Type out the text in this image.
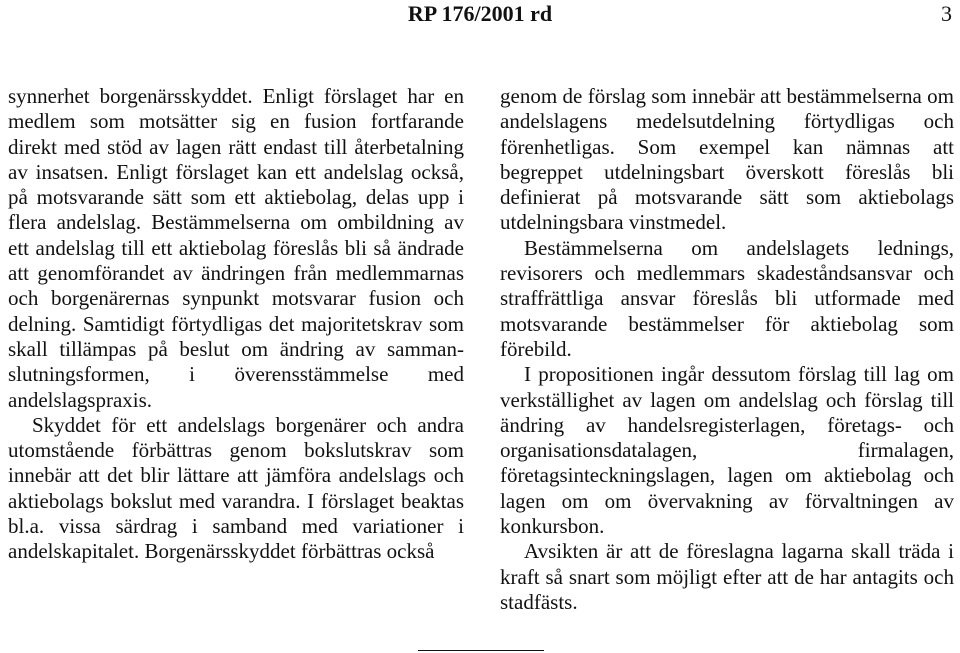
RP 176/2001 rd	3

synnerhet borgenärsskyddet. Enligt förslaget har en medlem som motsätter sig en fusion fortfarande direkt med stöd av lagen rätt endast till återbetalning av insatsen. Enligt förslaget kan ett andelslag också, på motsvarande sätt som ett aktiebolag, delas upp i flera andelslag. Bestämmelserna om ombildning av ett andelslag till ett aktiebolag föreslås bli så ändrade att genomförandet av ändringen från medlemmarnas och borgenärernas synpunkt motsvarar fusion och delning. Samtidigt förtydligas det majoritetskrav som skall tillämpas på beslut om ändring av sammanslutningsformen, i överensstämmelse med andelslagspraxis.

Skyddet för ett andelslags borgenärer och andra utomstående förbättras genom bokslutskrav som innebär att det blir lättare att jämföra andelslags och aktiebolags bokslut med varandra. I förslaget beaktas bl.a. vissa särdrag i samband med variationer i andelskapitalet. Borgenärsskyddet förbättras också

genom de förslag som innebär att bestämmelserna om andelslagens medelsutdelning förtydligas och förenhetligas. Som exempel kan nämnas att begreppet utdelningsbart överskott föreslås bli definierat på motsvarande sätt som aktiebolags utdelningsbara vinstmedel.

Bestämmelserna om andelslagets lednings, revisorers och medlemmars skadeståndsansvar och straffrättliga ansvar föreslås bli utformade med motsvarande bestämmelser för aktiebolag som förebild.

I propositionen ingår dessutom förslag till lag om verkställighet av lagen om andelslag och förslag till ändring av handelsregisterlagen, företags- och organisationsdatalagen, firmalagen, företagsinteckningslagen, lagen om aktiebolag och lagen om om övervakning av förvaltningen av konkursbon.

Avsikten är att de föreslagna lagarna skall träda i kraft så snart som möjligt efter att de har antagits och stadfästs.
